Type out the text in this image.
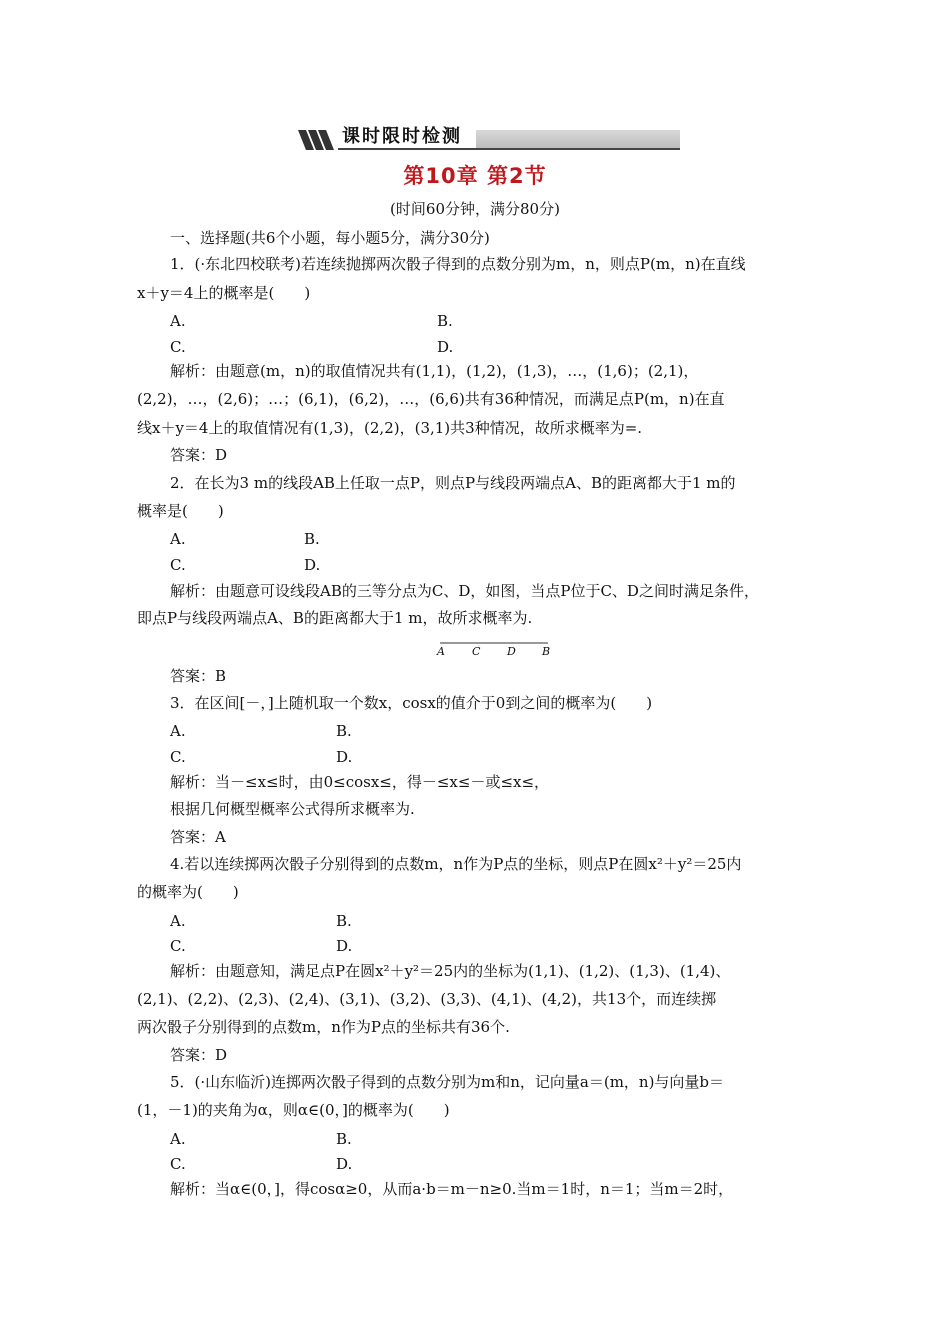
课时限时检测
第10章 第2节
(时间60分钟，满分80分)
一、选择题(共6个小题，每小题5分，满分30分)
1．(·东北四校联考)若连续抛掷两次骰子得到的点数分别为m，n，则点P(m，n)在直线
x＋y＝4上的概率是(　　)
A.	B.
C.	D.
解析：由题意(m，n)的取值情况共有(1,1)，(1,2)，(1,3)，…，(1,6)；(2,1)，
(2,2)，…，(2,6)；…；(6,1)，(6,2)，…，(6,6)共有36种情况，而满足点P(m，n)在直
线x＋y＝4上的取值情况有(1,3)，(2,2)，(3,1)共3种情况，故所求概率为=.
答案：D
2．在长为3 m的线段AB上任取一点P，则点P与线段两端点A、B的距离都大于1 m的
概率是(　　)
A.	B.
C.	D.
解析：由题意可设线段AB的三等分点为C、D，如图，当点P位于C、D之间时满足条件，
即点P与线段两端点A、B的距离都大于1 m，故所求概率为.
A C D B
答案：B
3．在区间[－，]上随机取一个数x，cosx的值介于0到之间的概率为(　　)
A.	B.
C.	D.
解析：当－≤x≤时，由0≤cosx≤，得－≤x≤－或≤x≤，
根据几何概型概率公式得所求概率为.
答案：A
4.若以连续掷两次骰子分别得到的点数m，n作为P点的坐标，则点P在圆x²＋y²＝25内
的概率为(　　)
A.	B.
C.	D.
解析：由题意知，满足点P在圆x²＋y²＝25内的坐标为(1,1)、(1,2)、(1,3)、(1,4)、
(2,1)、(2,2)、(2,3)、(2,4)、(3,1)、(3,2)、(3,3)、(4,1)、(4,2)，共13个，而连续掷
两次骰子分别得到的点数m，n作为P点的坐标共有36个.
答案：D
5．(·山东临沂)连掷两次骰子得到的点数分别为m和n，记向量a＝(m，n)与向量b＝
(1，－1)的夹角为α，则α∈(0，]的概率为(　　)
A.	B.
C.	D.
解析：当α∈(0，]，得cosα≥0，从而a·b＝m－n≥0.当m＝1时，n＝1；当m＝2时，
